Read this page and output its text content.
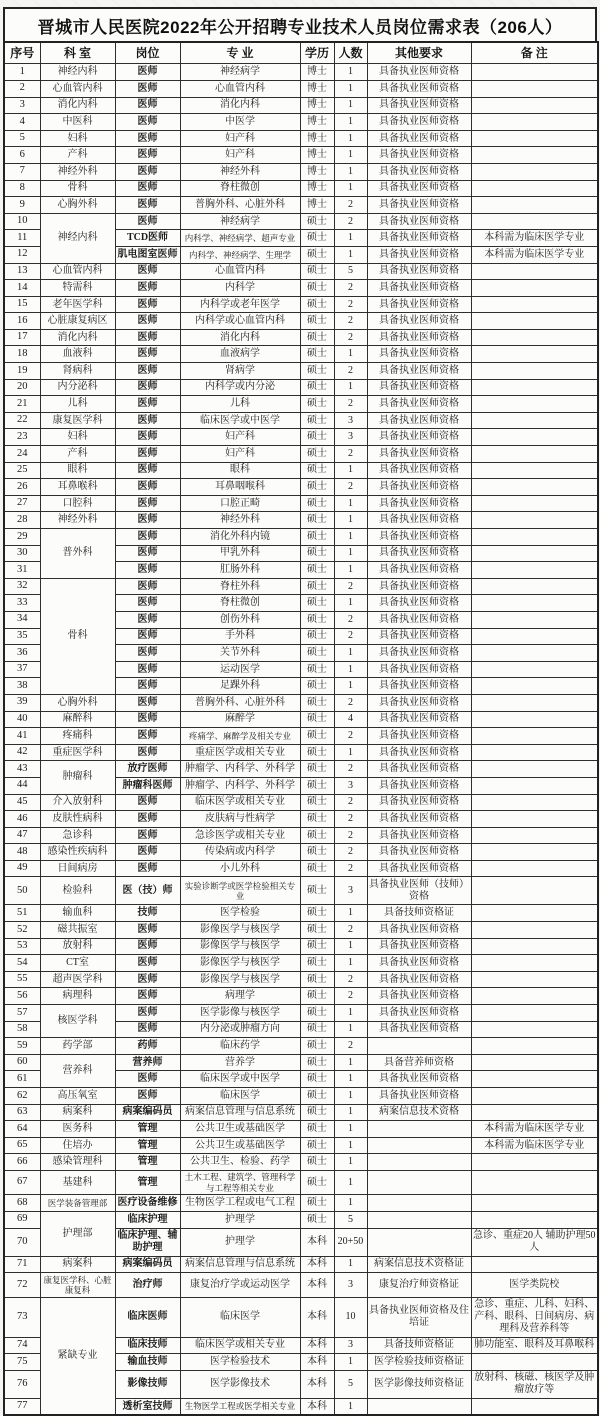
晋城市人民医院2022年公开招聘专业技术人员岗位需求表（206人）
序号	科 室	岗位	专 业	学历	人数	其他要求	备 注
1	神经内科	医师	神经病学	博士	1	具备执业医师资格	
2	心血管内科	医师	心血管内科	博士	1	具备执业医师资格	
3	消化内科	医师	消化内科	博士	1	具备执业医师资格	
4	中医科	医师	中医学	博士	1	具备执业医师资格	
5	妇科	医师	妇产科	博士	1	具备执业医师资格	
6	产科	医师	妇产科	博士	1	具备执业医师资格	
7	神经外科	医师	神经外科	博士	1	具备执业医师资格	
8	骨科	医师	脊柱微创	博士	1	具备执业医师资格	
9	心胸外科	医师	普胸外科、心脏外科	博士	2	具备执业医师资格	
10	神经内科	医师	神经病学	硕士	2	具备执业医师资格	
11		TCD医师	内科学、神经病学、超声专业	硕士	1	具备执业医师资格	本科需为临床医学专业
12		肌电图室医师	内科学、神经病学、生理学	硕士	1	具备执业医师资格	本科需为临床医学专业
13	心血管内科	医师	心血管内科	硕士	5	具备执业医师资格	
14	特需科	医师	内科学	硕士	2	具备执业医师资格	
15	老年医学科	医师	内科学或老年医学	硕士	2	具备执业医师资格	
16	心脏康复病区	医师	内科学或心血管内科	硕士	2	具备执业医师资格	
17	消化内科	医师	消化内科	硕士	2	具备执业医师资格	
18	血液科	医师	血液病学	硕士	1	具备执业医师资格	
19	肾病科	医师	肾病学	硕士	2	具备执业医师资格	
20	内分泌科	医师	内科学或内分泌	硕士	1	具备执业医师资格	
21	儿科	医师	儿科	硕士	2	具备执业医师资格	
22	康复医学科	医师	临床医学或中医学	硕士	3	具备执业医师资格	
23	妇科	医师	妇产科	硕士	3	具备执业医师资格	
24	产科	医师	妇产科	硕士	2	具备执业医师资格	
25	眼科	医师	眼科	硕士	1	具备执业医师资格	
26	耳鼻喉科	医师	耳鼻咽喉科	硕士	2	具备执业医师资格	
27	口腔科	医师	口腔正畸	硕士	1	具备执业医师资格	
28	神经外科	医师	神经外科	硕士	1	具备执业医师资格	
29	普外科	医师	消化外科内镜	硕士	1	具备执业医师资格	
30		医师	甲乳外科	硕士	1	具备执业医师资格	
31		医师	肛肠外科	硕士	1	具备执业医师资格	
32	骨科	医师	脊柱外科	硕士	2	具备执业医师资格	
33		医师	脊柱微创	硕士	1	具备执业医师资格	
34		医师	创伤外科	硕士	2	具备执业医师资格	
35		医师	手外科	硕士	2	具备执业医师资格	
36		医师	关节外科	硕士	1	具备执业医师资格	
37		医师	运动医学	硕士	1	具备执业医师资格	
38		医师	足踝外科	硕士	1	具备执业医师资格	
39	心胸外科	医师	普胸外科、心脏外科	硕士	2	具备执业医师资格	
40	麻醉科	医师	麻醉学	硕士	4	具备执业医师资格	
41	疼痛科	医师	疼痛学、麻醉学及相关专业	硕士	2	具备执业医师资格	
42	重症医学科	医师	重症医学或相关专业	硕士	1	具备执业医师资格	
43	肿瘤科	放疗医师	肿瘤学、内科学、外科学	硕士	2	具备执业医师资格	
44		肿瘤科医师	肿瘤学、内科学、外科学	硕士	3	具备执业医师资格	
45	介入放射科	医师	临床医学或相关专业	硕士	2	具备执业医师资格	
46	皮肤性病科	医师	皮肤病与性病学	硕士	2	具备执业医师资格	
47	急诊科	医师	急诊医学或相关专业	硕士	2	具备执业医师资格	
48	感染性疾病科	医师	传染病或内科学	硕士	2	具备执业医师资格	
49	日间病房	医师	小儿外科	硕士	2	具备执业医师资格	
50	检验科	医（技）师	实验诊断学或医学检验相关专业	硕士	3	具备执业医师（技师）资格	
51	输血科	技师	医学检验	硕士	1	具备技师资格证	
52	磁共振室	医师	影像医学与核医学	硕士	2	具备执业医师资格	
53	放射科	医师	影像医学与核医学	硕士	1	具备执业医师资格	
54	CT室	医师	影像医学与核医学	硕士	1	具备执业医师资格	
55	超声医学科	医师	影像医学与核医学	硕士	2	具备执业医师资格	
56	病理科	医师	病理学	硕士	2	具备执业医师资格	
57	核医学科	医师	医学影像与核医学	硕士	1	具备执业医师资格	
58		医师	内分泌或肿瘤方向	硕士	1	具备执业医师资格	
59	药学部	药师	临床药学	硕士	2		
60	营养科	营养师	营养学	硕士	1	具备营养师资格	
61		医师	临床医学或中医学	硕士	1	具备执业医师资格	
62	高压氧室	医师	临床医学	硕士	1	具备执业医师资格	
63	病案科	病案编码员	病案信息管理与信息系统	硕士	1	病案信息技术资格	
64	医务科	管理	公共卫生或基础医学	硕士	1		本科需为临床医学专业
65	住培办	管理	公共卫生或基础医学	硕士	1		本科需为临床医学专业
66	感染管理科	管理	公共卫生、检验、药学	硕士	1		
67	基建科	管理	土木工程、建筑学、管理科学与工程等相关专业	硕士	1		
68	医学装备管理部	医疗设备维修	生物医学工程或电气工程	硕士	1		
69	护理部	临床护理	护理学	硕士	5		
70		临床护理、辅助护理	护理学	本科	20+50		急诊、重症20人 辅助护理50人
71	病案科	病案编码员	病案信息管理与信息系统	本科	1	病案信息技术资格证	
72	康复医学科、心脏康复科	治疗师	康复治疗学或运动医学	本科	3	康复治疗师资格证	医学类院校
73	紧缺专业	临床医师	临床医学	本科	10	具备执业医师资格及住培证	急诊、重症、儿科、妇科、产科、眼科、日间病房、病理科及营养科等
74		临床技师	临床医学或相关专业	本科	3	具备技师资格证	肺功能室、眼科及耳鼻喉科
75		输血技师	医学检验技术	本科	1	医学检验技师资格证	
76		影像技师	医学影像技术	本科	5	医学影像技师资格证	放射科、核磁、核医学及肿瘤放疗等
77		透析室技师	生物医学工程或医学相关专业	本科	1		
